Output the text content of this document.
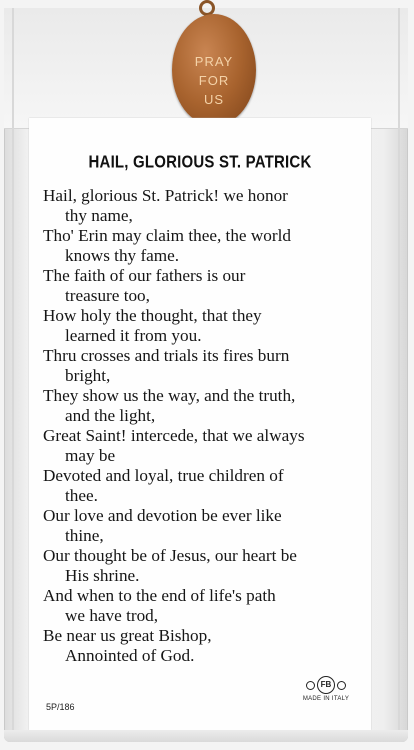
PRAY
FOR
US
HAIL, GLORIOUS ST. PATRICK
Hail, glorious St. Patrick! we honor
thy name,
Tho' Erin may claim thee, the world
knows thy fame.
The faith of our fathers is our
treasure too,
How holy the thought, that they
learned it from you.
Thru crosses and trials its fires burn
bright,
They show us the way, and the truth,
and the light,
Great Saint! intercede, that we always
may be
Devoted and loyal, true children of
thee.
Our love and devotion be ever like
thine,
Our thought be of Jesus, our heart be
His shrine.
And when to the end of life's path
we have trod,
Be near us great Bishop,
Annointed of God.
5P/186
FB
MADE IN ITALY
